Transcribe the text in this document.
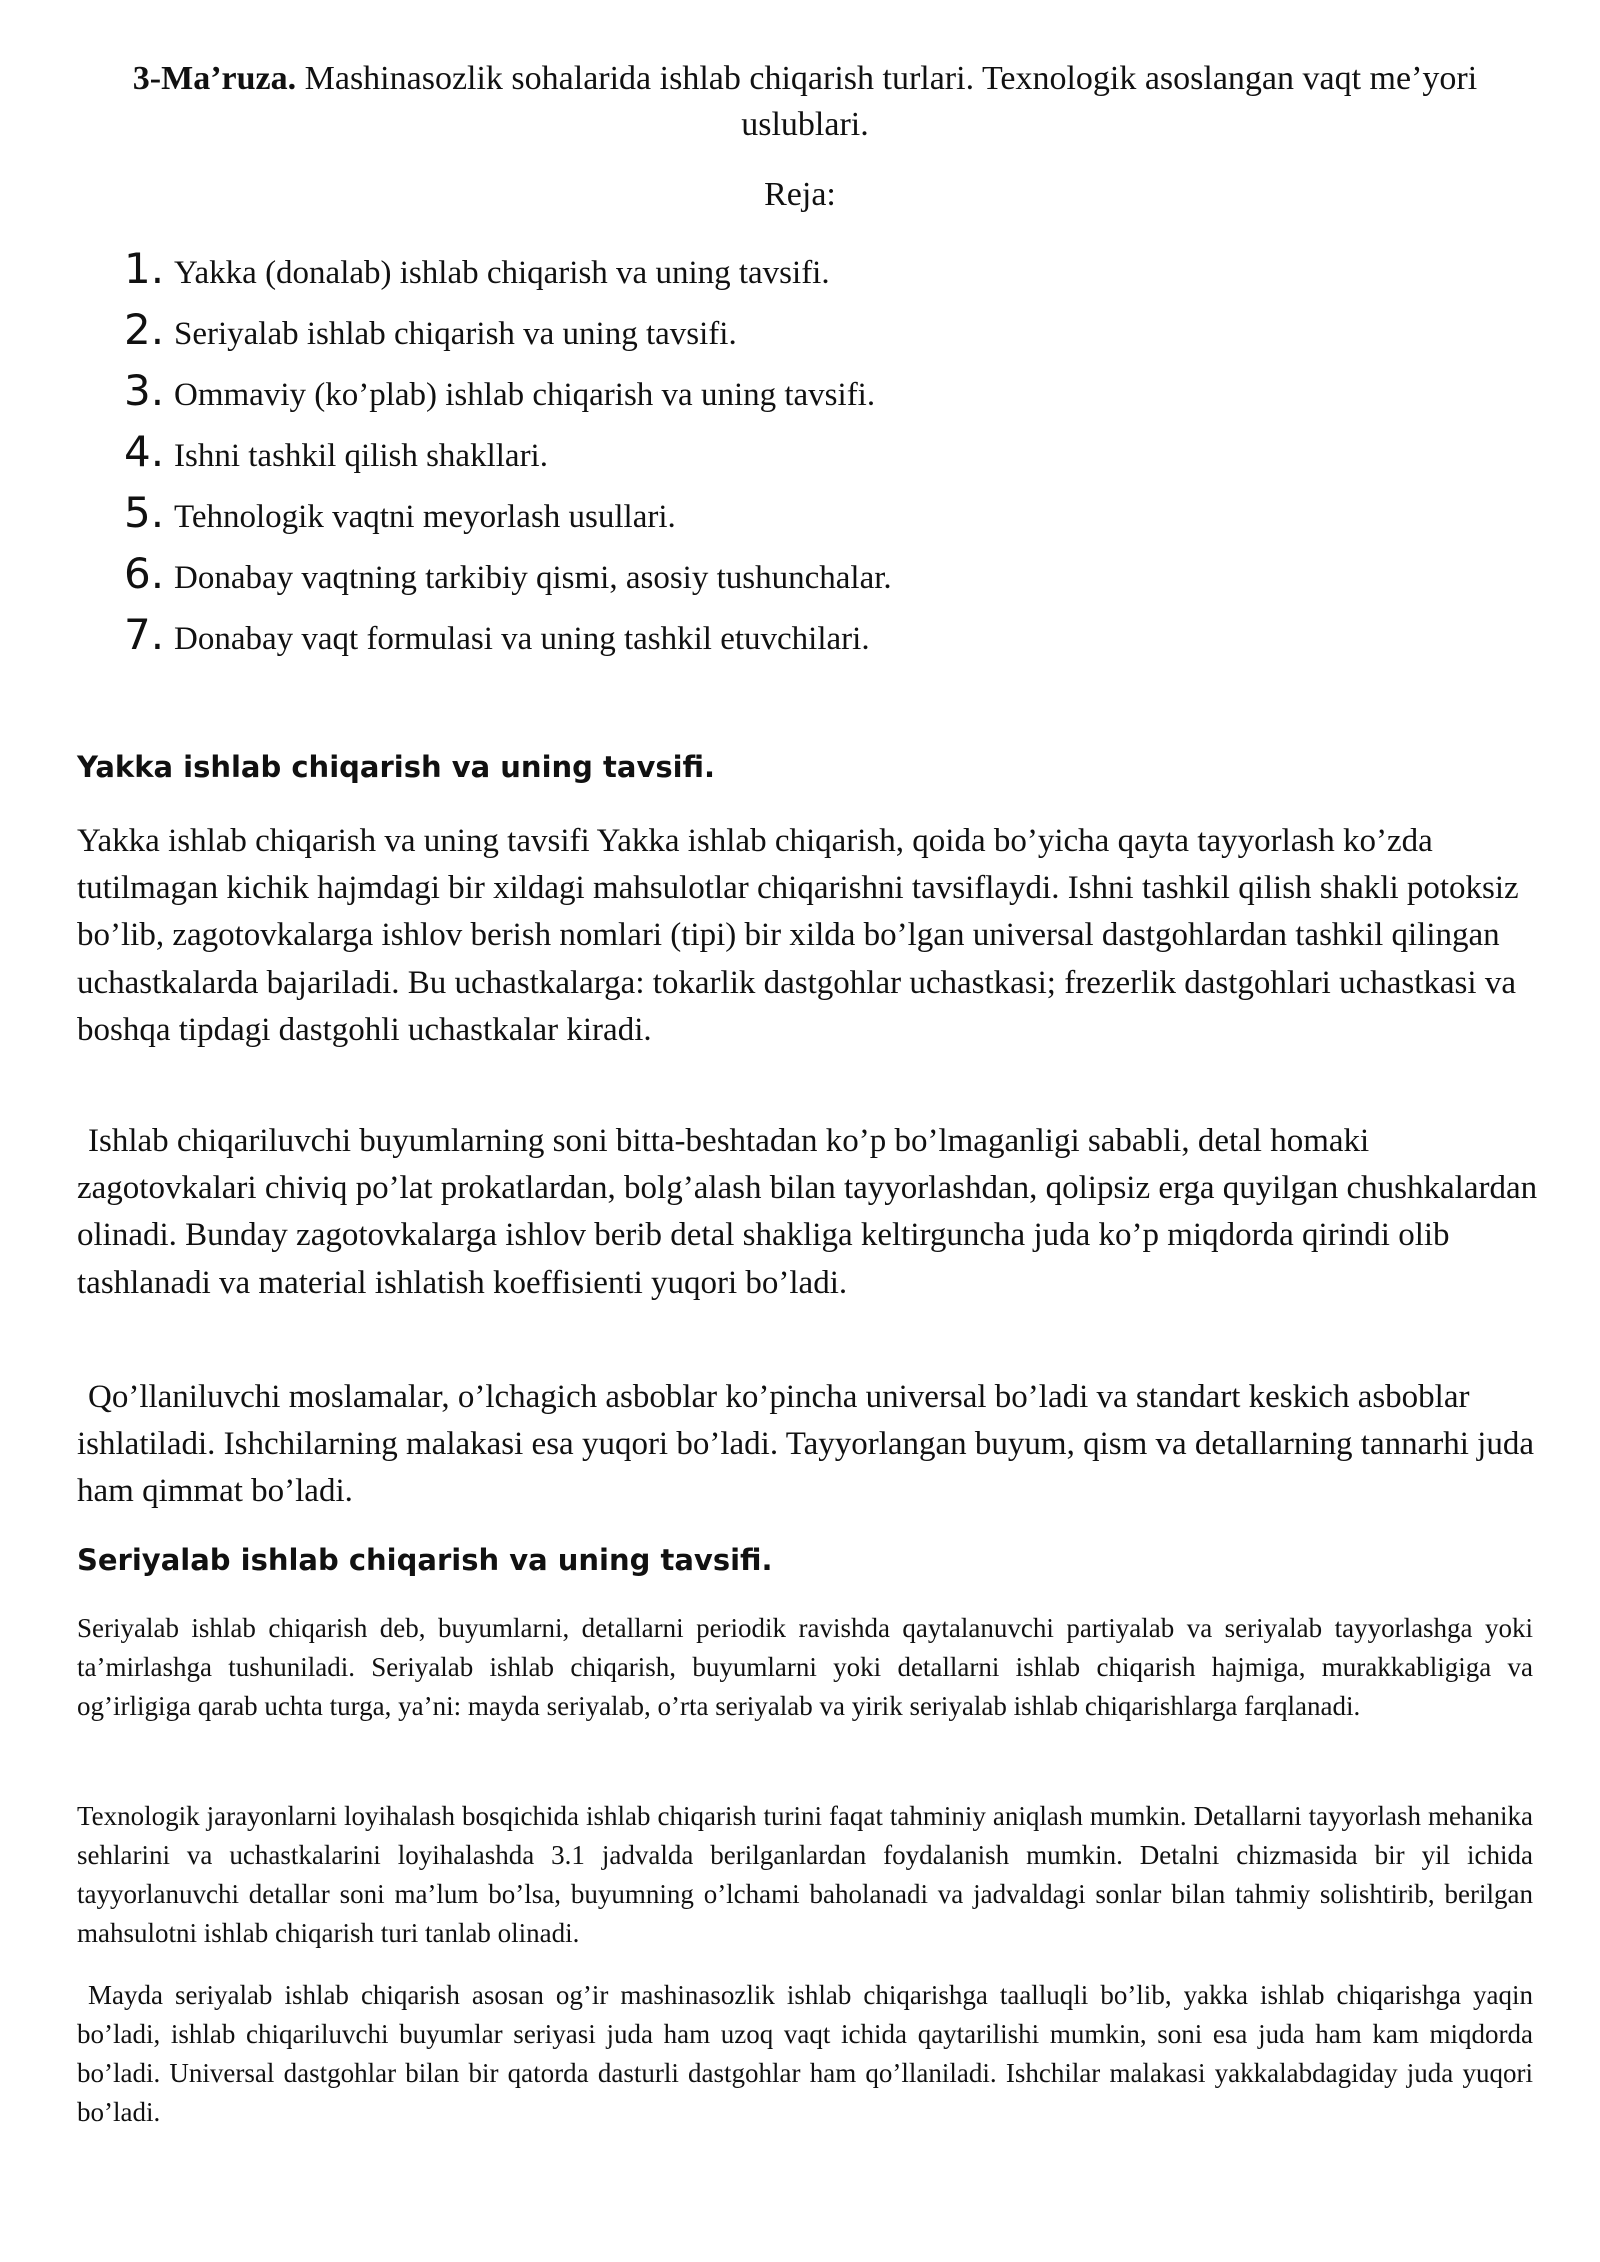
3-Ma’ruza. Mashinasozlik sohalarida ishlab chiqarish turlari. Texnologik asoslangan vaqt me’yori uslublari.
Reja:
1. Yakka (donalab) ishlab chiqarish va uning tavsifi.
2. Seriyalab ishlab chiqarish va uning tavsifi.
3. Ommaviy (ko’plab) ishlab chiqarish va uning tavsifi.
4. Ishni tashkil qilish shakllari.
5. Tehnologik vaqtni meyorlash usullari.
6. Donabay vaqtning tarkibiy qismi, asosiy tushunchalar.
7. Donabay vaqt formulasi va uning tashkil etuvchilari.
Yakka ishlab chiqarish va uning tavsifi.
Yakka ishlab chiqarish va uning tavsifi Yakka ishlab chiqarish, qoida bo’yicha qayta tayyorlash ko’zda tutilmagan kichik hajmdagi bir xildagi mahsulotlar chiqarishni tavsiflaydi. Ishni tashkil qilish shakli potoksiz bo’lib, zagotovkalarga ishlov berish nomlari (tipi) bir xilda bo’lgan universal dastgohlardan tashkil qilingan uchastkalarda bajariladi. Bu uchastkalarga: tokarlik dastgohlar uchastkasi; frezerlik dastgohlari uchastkasi va boshqa tipdagi dastgohli uchastkalar kiradi.
Ishlab chiqariluvchi buyumlarning soni bitta-beshtadan ko’p bo’lmaganligi sababli, detal homaki zagotovkalari chiviq po’lat prokatlardan, bolg’alash bilan tayyorlashdan, qolipsiz erga quyilgan chushkalardan olinadi. Bunday zagotovkalarga ishlov berib detal shakliga keltirguncha juda ko’p miqdorda qirindi olib tashlanadi va material ishlatish koeffisienti yuqori bo’ladi.
Qo’llaniluvchi moslamalar, o’lchagich asboblar ko’pincha universal bo’ladi va standart keskich asboblar ishlatiladi. Ishchilarning malakasi esa yuqori bo’ladi. Tayyorlangan buyum, qism va detallarning tannarhi juda ham qimmat bo’ladi.
Seriyalab ishlab chiqarish va uning tavsifi.
Seriyalab ishlab chiqarish deb, buyumlarni, detallarni periodik ravishda qaytalanuvchi partiyalab va seriyalab tayyorlashga yoki ta’mirlashga tushuniladi. Seriyalab ishlab chiqarish, buyumlarni yoki detallarni ishlab chiqarish hajmiga, murakkabligiga va og’irligiga qarab uchta turga, ya’ni: mayda seriyalab, o’rta seriyalab va yirik seriyalab ishlab chiqarishlarga farqlanadi.
Texnologik jarayonlarni loyihalash bosqichida ishlab chiqarish turini faqat tahminiy aniqlash mumkin. Detallarni tayyorlash mehanika sehlarini va uchastkalarini loyihalashda 3.1 jadvalda berilganlardan foydalanish mumkin. Detalni chizmasida bir yil ichida tayyorlanuvchi detallar soni ma’lum bo’lsa, buyumning o’lchami baholanadi va jadvaldagi sonlar bilan tahmiy solishtirib, berilgan mahsulotni ishlab chiqarish turi tanlab olinadi.
Mayda seriyalab ishlab chiqarish asosan og’ir mashinasozlik ishlab chiqarishga taalluqli bo’lib, yakka ishlab chiqarishga yaqin bo’ladi, ishlab chiqariluvchi buyumlar seriyasi juda ham uzoq vaqt ichida qaytarilishi mumkin, soni esa juda ham kam miqdorda bo’ladi. Universal dastgohlar bilan bir qatorda dasturli dastgohlar ham qo’llaniladi. Ishchilar malakasi yakkalabdagiday juda yuqori bo’ladi.
